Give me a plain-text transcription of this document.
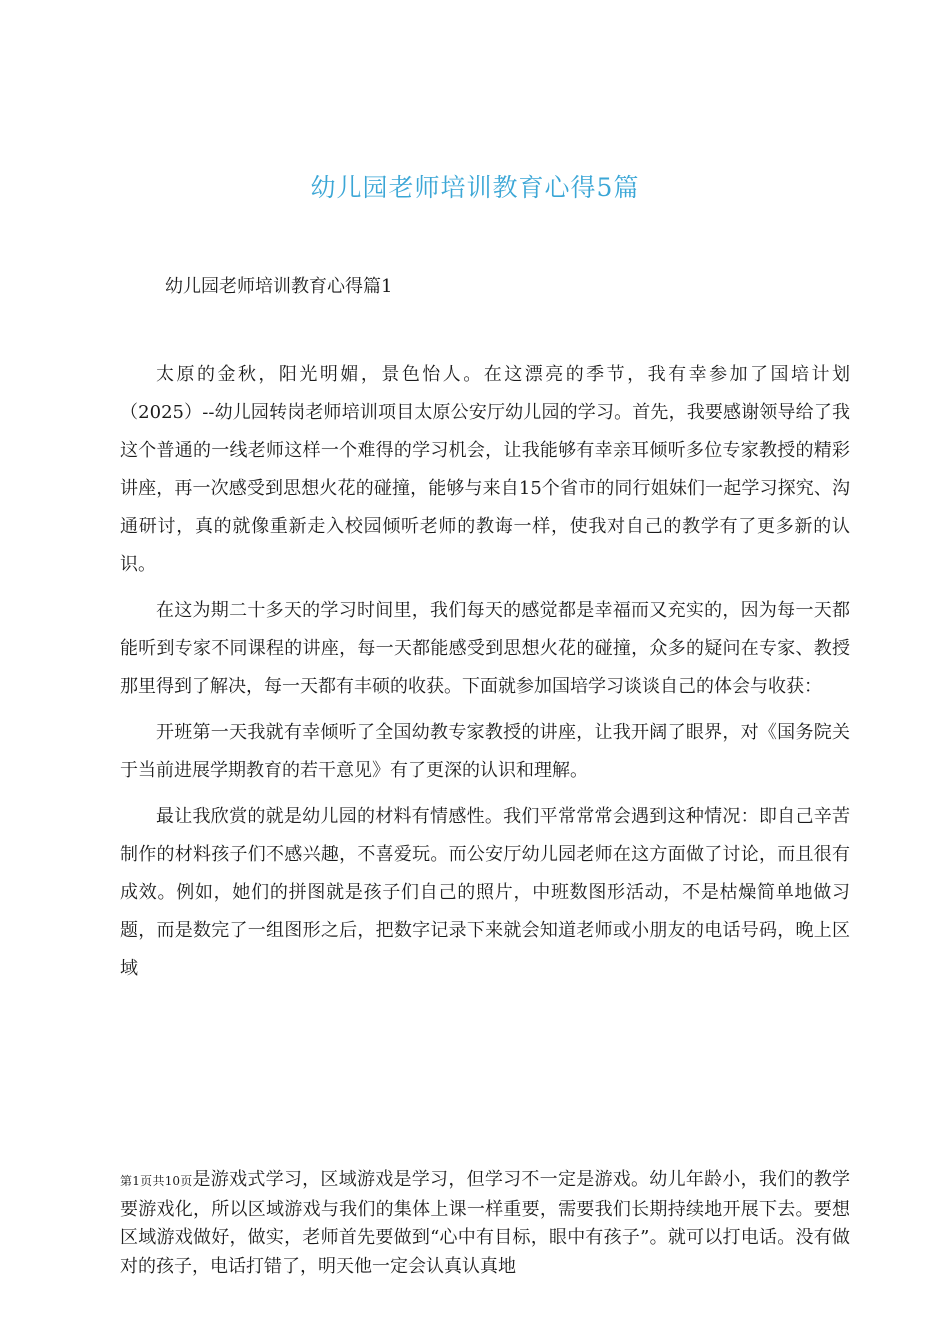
幼儿园老师培训教育心得5篇
幼儿园老师培训教育心得篇1

太原的金秋，阳光明媚，景色怡人。在这漂亮的季节，我有幸参加了国培计划（2025）--幼儿园转岗老师培训项目太原公安厅幼儿园的学习。首先，我要感谢领导给了我这个普通的一线老师这样一个难得的学习机会，让我能够有幸亲耳倾听多位专家教授的精彩讲座，再一次感受到思想火花的碰撞，能够与来自15个省市的同行姐妹们一起学习探究、沟通研讨，真的就像重新走入校园倾听老师的教诲一样，使我对自己的教学有了更多新的认识。

在这为期二十多天的学习时间里，我们每天的感觉都是幸福而又充实的，因为每一天都能听到专家不同课程的讲座，每一天都能感受到思想火花的碰撞，众多的疑问在专家、教授那里得到了解决，每一天都有丰硕的收获。下面就参加国培学习谈谈自己的体会与收获：

开班第一天我就有幸倾听了全国幼教专家教授的讲座，让我开阔了眼界，对《国务院关于当前进展学期教育的若干意见》有了更深的认识和理解。

最让我欣赏的就是幼儿园的材料有情感性。我们平常常常会遇到这种情况：即自己辛苦制作的材料孩子们不感兴趣，不喜爱玩。而公安厅幼儿园老师在这方面做了讨论，而且很有成效。例如，她们的拼图就是孩子们自己的照片，中班数图形活动，不是枯燥简单地做习题，而是数完了一组图形之后，把数字记录下来就会知道老师或小朋友的电话号码，晚上区域

第1页共10页是游戏式学习，区域游戏是学习，但学习不一定是游戏。幼儿年龄小，我们的教学要游戏化，所以区域游戏与我们的集体上课一样重要，需要我们长期持续地开展下去。要想区域游戏做好，做实，老师首先要做到“心中有目标，眼中有孩子”。就可以打电话。没有做对的孩子，电话打错了，明天他一定会认真认真地
